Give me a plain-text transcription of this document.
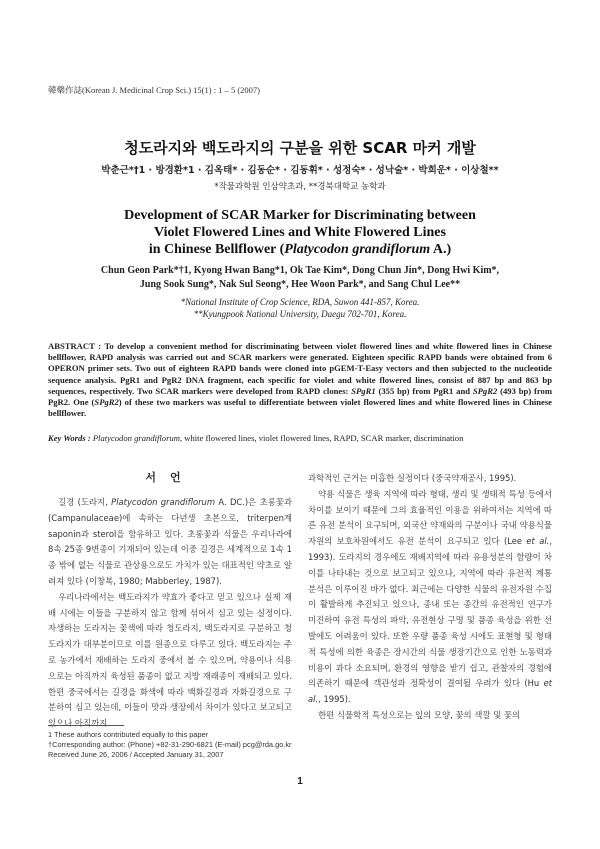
韓藥作誌(Korean J. Medicinal Crop Sci.) 15(1) : 1 – 5 (2007)
청도라지와 백도라지의 구분을 위한 SCAR 마커 개발
박춘근*†1 · 방경환*1 · 김옥태* · 김동순* · 김동휘* · 성정숙* · 성낙술* · 박희운* · 이상철**
*작물과학원 인삼약초과, **경북대학교 농학과
Development of SCAR Marker for Discriminating between
Violet Flowered Lines and White Flowered Lines
in Chinese Bellflower (Platycodon grandiflorum A.)
Chun Geon Park*†1, Kyong Hwan Bang*1, Ok Tae Kim*, Dong Chun Jin*, Dong Hwi Kim*,
Jung Sook Sung*, Nak Sul Seong*, Hee Woon Park*, and Sang Chul Lee**
*National Institute of Crop Science, RDA, Suwon 441-857, Korea.
**Kyungpook National University, Daegu 702-701, Korea.
ABSTRACT : To develop a convenient method for discriminating between violet flowered lines and white flowered lines in Chinese bellflower, RAPD analysis was carried out and SCAR markers were generated. Eighteen specific RAPD bands were obtained from 6 OPERON primer sets. Two out of eighteen RAPD bands were cloned into pGEM-T-Easy vectors and then subjected to the nucleotide sequence analysis. PgR1 and PgR2 DNA fragment, each specific for violet and white flowered lines, consist of 887 bp and 863 bp sequences, respectively. Two SCAR markers were developed from RAPD clones: SPgR1 (355 bp) from PgR1 and SPgR2 (493 bp) from PgR2. One (SPgR2) of these two markers was useful to differentiate between violet flowered lines and white flowered lines in Chinese bellflower.
Key Words : Platycodon grandiflorum, white flowered lines, violet flowered lines, RAPD, SCAR marker, discrimination
서언

길경 (도라지, Platycodon grandiflorum A. DC.)은 초롱꽃과 (Campanulaceae)에 속하는 다년생 초본으로, triterpen계 saponin과 sterol을 함유하고 있다. 초롱꽃과 식물은 우리나라에 8속 25종 9변종이 기재되어 있는데 이중 길경은 세계적으로 1속 1종 밖에 없는 식물로 관상용으로도 가치가 있는 대표적인 약초로 알려져 있다 (이창복, 1980; Mabberley, 1987).

우리나라에서는 백도라지가 약효가 좋다고 믿고 있으나 실제 재배 시에는 이들을 구분하지 않고 함께 섞어서 심고 있는 실정이다. 자생하는 도라지는 꽃색에 따라 청도라지, 백도라지로 구분하고 청도라지가 대부분이므로 이를 원종으로 다루고 있다. 백도라지는 주로 농가에서 재배하는 도라지 중에서 볼 수 있으며, 약용이나 식용으로는 아직까지 육성된 품종이 없고 지방 재래종이 재배되고 있다. 한편 중국에서는 길경을 화색에 따라 백화길경과 자화길경으로 구분하여 심고 있는데, 이들이 맛과 생장에서 차이가 있다고 보고되고 있으나 아직까지

과학적인 근거는 미흡한 실정이다 (중국약재공사, 1995).

약용 식물은 생육 지역에 따라 형태, 생리 및 생태적 특성 등에서 차이를 보이기 때문에 그의 효율적인 이용을 위하여서는 지역에 따른 유전 분석이 요구되며, 외국산 약재와의 구분이나 국내 약용식물자원의 보호차원에서도 유전 분석이 요구되고 있다 (Lee et al., 1993). 도라지의 경우에도 재배지역에 따라 유용성분의 함량이 차이를 나타내는 것으로 보고되고 있으나, 지역에 따라 유전적 계통 분석은 이루어진 바가 없다. 최근에는 다양한 식물의 유전자원 수집이 활발하게 추진되고 있으나, 종내 또는 종간의 유전적인 연구가 미진하여 유전 특성의 파악, 유전현상 구명 및 품종 육성을 위한 선발에도 어려움이 있다. 또한 우량 품종 육성 시에도 표현형 및 형태적 특성에 의한 육종은 장시간의 식물 생장기간으로 인한 노동력과 비용이 과다 소요되며, 환경의 영향을 받기 쉽고, 관찰자의 경험에 의존하기 때문에 객관성과 정확성이 결여될 우려가 있다 (Hu et al., 1995).

한편 식물학적 특성으로는 잎의 모양, 꽃의 색깔 및 꽃의

1 These authors contributed equally to this paper
†Corresponding author: (Phone) +82-31-290-6821 (E-mail) pcg@rda.go.kr
Received June 26, 2006 / Accepted January 31, 2007
1
